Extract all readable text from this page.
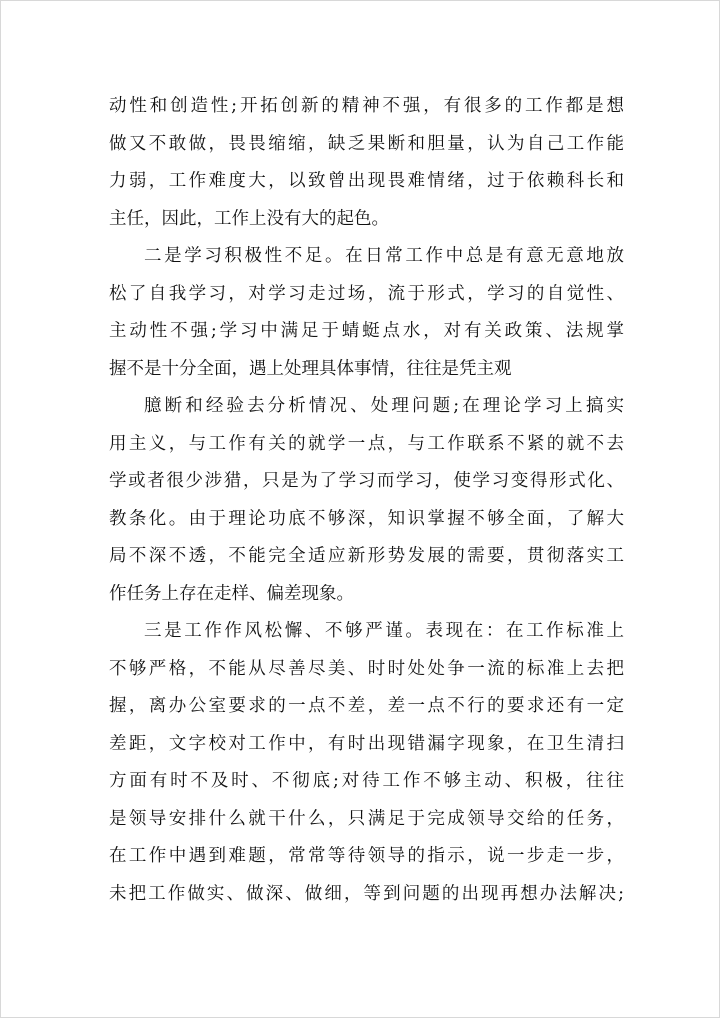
动性和创造性;开拓创新的精神不强，有很多的工作都是想
做又不敢做，畏畏缩缩，缺乏果断和胆量，认为自己工作能
力弱，工作难度大，以致曾出现畏难情绪，过于依赖科长和
主任，因此，工作上没有大的起色。
二是学习积极性不足。在日常工作中总是有意无意地放
松了自我学习，对学习走过场，流于形式，学习的自觉性、
主动性不强;学习中满足于蜻蜓点水，对有关政策、法规掌
握不是十分全面，遇上处理具体事情，往往是凭主观
臆断和经验去分析情况、处理问题;在理论学习上搞实
用主义，与工作有关的就学一点，与工作联系不紧的就不去
学或者很少涉猎，只是为了学习而学习，使学习变得形式化、
教条化。由于理论功底不够深，知识掌握不够全面，了解大
局不深不透，不能完全适应新形势发展的需要，贯彻落实工
作任务上存在走样、偏差现象。
三是工作作风松懈、不够严谨。表现在：在工作标准上
不够严格，不能从尽善尽美、时时处处争一流的标准上去把
握，离办公室要求的一点不差，差一点不行的要求还有一定
差距，文字校对工作中，有时出现错漏字现象，在卫生清扫
方面有时不及时、不彻底;对待工作不够主动、积极，往往
是领导安排什么就干什么，只满足于完成领导交给的任务，
在工作中遇到难题，常常等待领导的指示，说一步走一步，
未把工作做实、做深、做细，等到问题的出现再想办法解决;
